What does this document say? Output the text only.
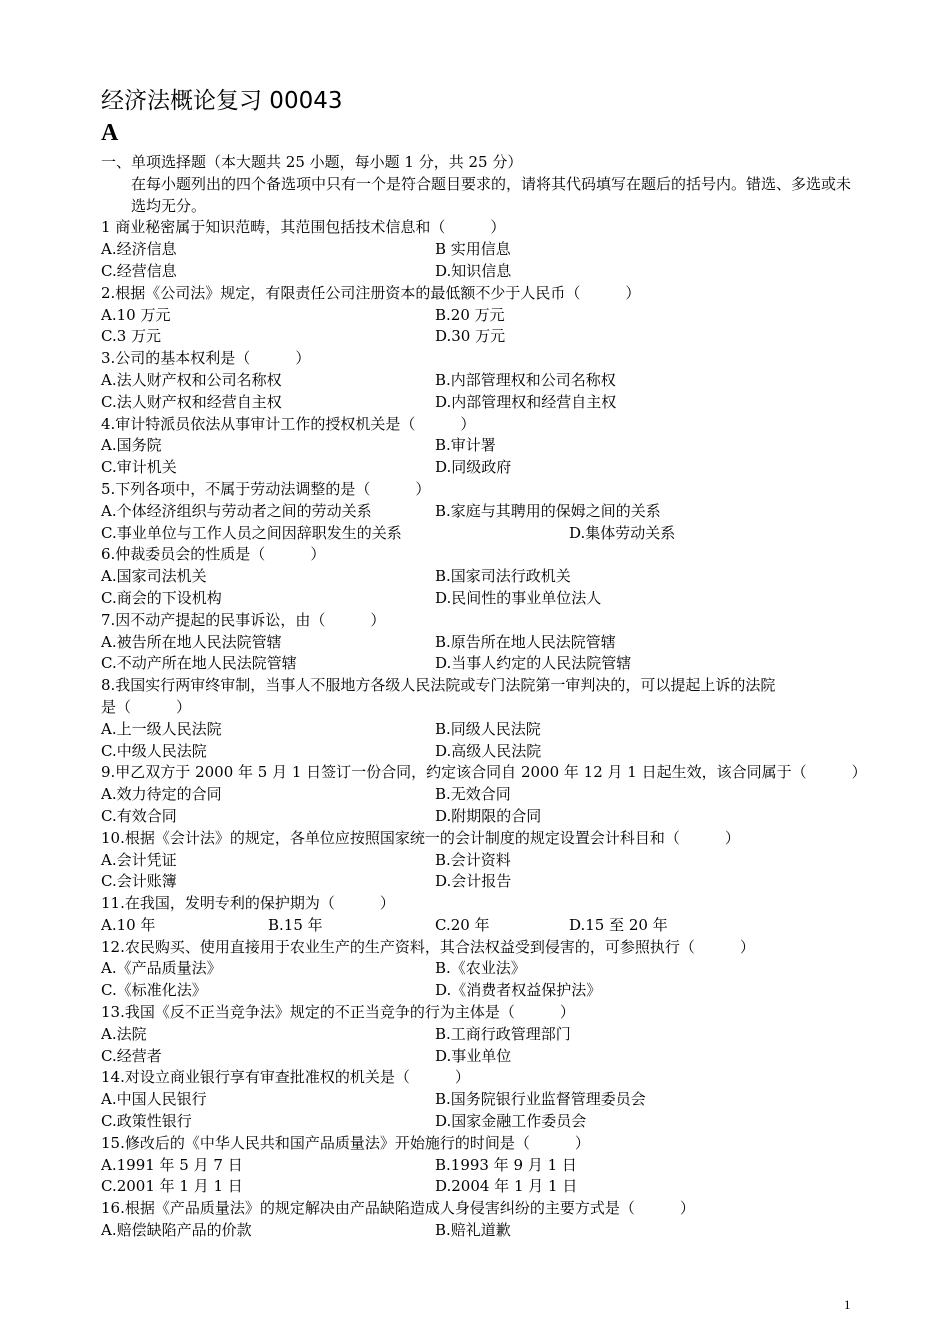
经济法概论复习 00043
A
一、单项选择题（本大题共 25 小题，每小题 1 分，共 25 分）
在每小题列出的四个备选项中只有一个是符合题目要求的，请将其代码填写在题后的括号内。错选、多选或未选均无分。
1 商业秘密属于知识范畴，其范围包括技术信息和（　　　）
A.经济信息	B 实用信息
C.经营信息	D.知识信息
2.根据《公司法》规定，有限责任公司注册资本的最低额不少于人民币（　　　）
A.10 万元	B.20 万元
C.3 万元	D.30 万元
3.公司的基本权利是（　　　）
A.法人财产权和公司名称权	B.内部管理权和公司名称权
C.法人财产权和经营自主权	D.内部管理权和经营自主权
4.审计特派员依法从事审计工作的授权机关是（　　　）
A.国务院	B.审计署
C.审计机关	D.同级政府
5.下列各项中，不属于劳动法调整的是（　　　）
A.个体经济组织与劳动者之间的劳动关系	B.家庭与其聘用的保姆之间的关系
C.事业单位与工作人员之间因辞职发生的关系	D.集体劳动关系
6.仲裁委员会的性质是（　　　）
A.国家司法机关	B.国家司法行政机关
C.商会的下设机构	D.民间性的事业单位法人
7.因不动产提起的民事诉讼，由（　　　）
A.被告所在地人民法院管辖	B.原告所在地人民法院管辖
C.不动产所在地人民法院管辖	D.当事人约定的人民法院管辖
8.我国实行两审终审制，当事人不服地方各级人民法院或专门法院第一审判决的，可以提起上诉的法院
是（　　　）
A.上一级人民法院	B.同级人民法院
C.中级人民法院	D.高级人民法院
9.甲乙双方于 2000 年 5 月 1 日签订一份合同，约定该合同自 2000 年 12 月 1 日起生效，该合同属于（　　　）
A.效力待定的合同	B.无效合同
C.有效合同	D.附期限的合同
10.根据《会计法》的规定，各单位应按照国家统一的会计制度的规定设置会计科目和（　　　）
A.会计凭证	B.会计资料
C.会计账簿	D.会计报告
11.在我国，发明专利的保护期为（　　　）
A.10 年	B.15 年	C.20 年	D.15 至 20 年
12.农民购买、使用直接用于农业生产的生产资料，其合法权益受到侵害的，可参照执行（　　　）
A.《产品质量法》	B.《农业法》
C.《标准化法》	D.《消费者权益保护法》
13.我国《反不正当竞争法》规定的不正当竞争的行为主体是（　　　）
A.法院	B.工商行政管理部门
C.经营者	D.事业单位
14.对设立商业银行享有审查批准权的机关是（　　　）
A.中国人民银行	B.国务院银行业监督管理委员会
C.政策性银行	D.国家金融工作委员会
15.修改后的《中华人民共和国产品质量法》开始施行的时间是（　　　）
A.1991 年 5 月 7 日	B.1993 年 9 月 1 日
C.2001 年 1 月 1 日	D.2004 年 1 月 1 日
16.根据《产品质量法》的规定解决由产品缺陷造成人身侵害纠纷的主要方式是（　　　）
A.赔偿缺陷产品的价款	B.赔礼道歉
1
